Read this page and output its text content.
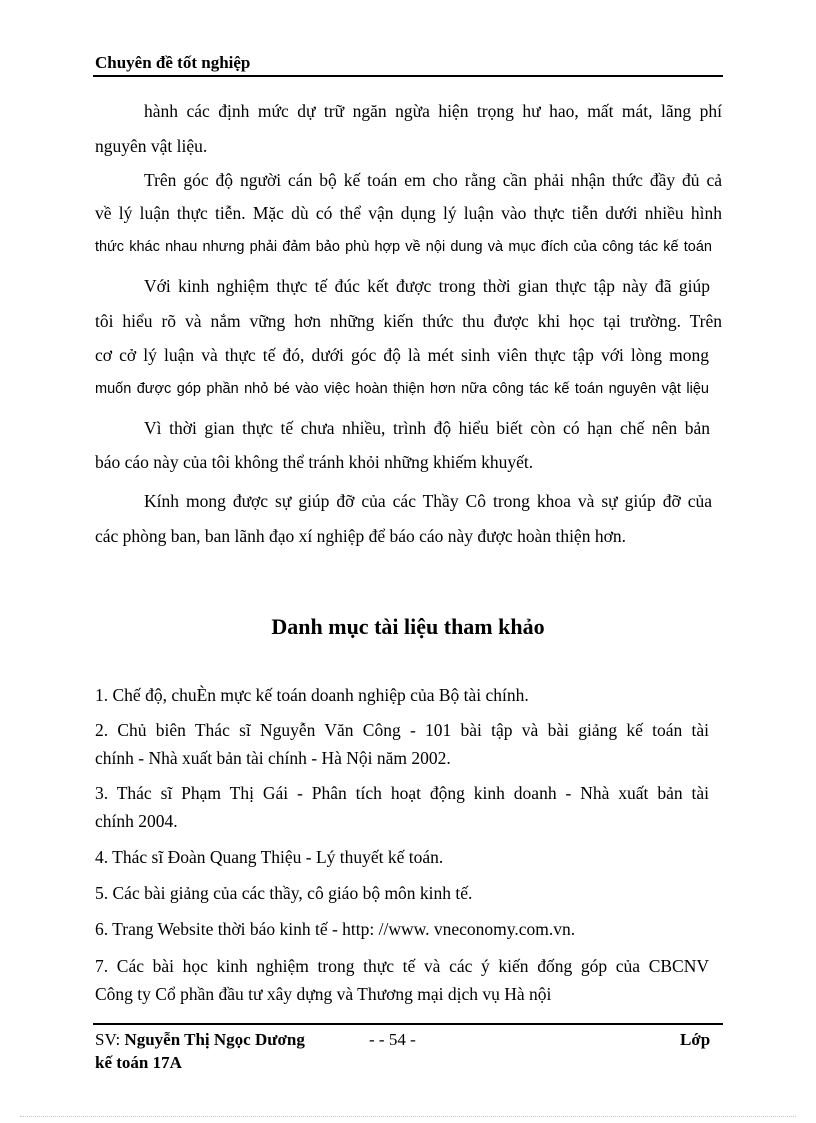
Chuyên đề tốt nghiệp
hành các định mức dự trữ ngăn ngừa hiện trọng hư hao, mất mát, lãng phí
nguyên vật liệu.
Trên góc độ người cán bộ kế toán em cho rằng cần phải nhận thức đầy đủ cả
về lý luận thực tiễn. Mặc dù có thể vận dụng lý luận vào thực tiễn dưới nhiều hình
thức khác nhau nhưng phải đảm bảo phù hợp về nội dung và mục đích của công tác kế toán
Với kinh nghiệm thực tế đúc kết được trong thời gian thực tập này đã giúp
tôi hiểu rõ và nắm vững hơn những kiến thức thu được khi học tại trường. Trên
cơ cở lý luận và thực tế đó, dưới góc độ là mét sinh viên thực tập với lòng mong
muốn được góp phần nhỏ bé vào việc hoàn thiện hơn nữa công tác kế toán nguyên vật liệu
Vì thời gian thực tế chưa nhiều, trình độ hiểu biết còn có hạn chế nên bản
báo cáo này của tôi không thể tránh khỏi những khiếm khuyết.
Kính mong được sự giúp đỡ của các Thầy Cô trong khoa và sự giúp đỡ của
các phòng ban, ban lãnh đạo xí nghiệp để báo cáo này được hoàn thiện hơn.
Danh mục tài liệu tham khảo
1. Chế độ, chuÈn mực kế toán doanh nghiệp của Bộ tài chính.
2. Chủ biên Thác sĩ Nguyễn Văn Công - 101 bài tập và bài giảng kế toán tài
chính - Nhà xuất bản tài chính - Hà Nội năm 2002.
3. Thác sĩ Phạm Thị Gái - Phân tích hoạt động kinh doanh - Nhà xuất bản tài
chính 2004.
4. Thác sĩ Đoàn Quang Thiệu - Lý thuyết kế toán.
5. Các bài giảng của các thầy, cô giáo bộ môn kinh tế.
6. Trang Website thời báo kinh tế - http: //www. vneconomy.com.vn.
7. Các bài học kinh nghiệm trong thực tế và các ý kiến đống góp của CBCNV
Công ty Cổ phần đầu tư xây dựng và Thương mại dịch vụ Hà nội
SV: Nguyễn Thị Ngọc Dương	- - 54 -	Lớp
kế toán 17A
